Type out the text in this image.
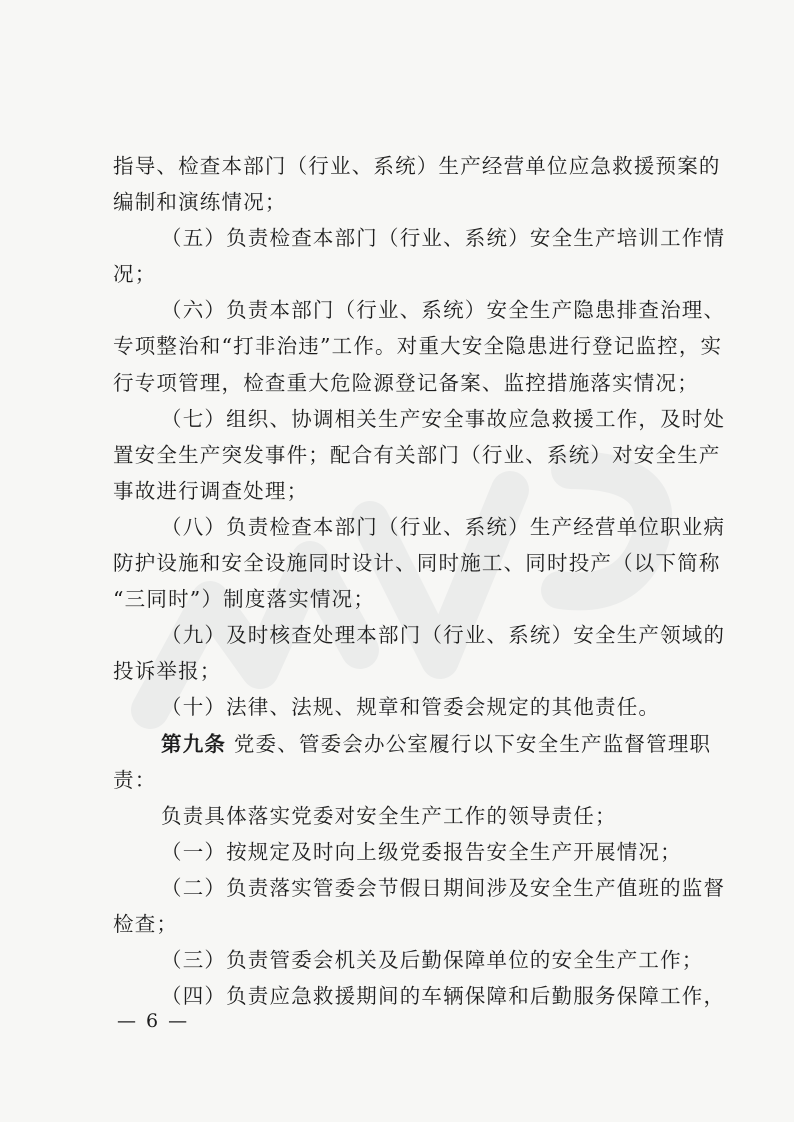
指导、检查本部门（行业、系统）生产经营单位应急救援预案的
编制和演练情况；
（五）负责检查本部门（行业、系统）安全生产培训工作情
况；
（六）负责本部门（行业、系统）安全生产隐患排查治理、
专项整治和“打非治违”工作。对重大安全隐患进行登记监控，实
行专项管理，检查重大危险源登记备案、监控措施落实情况；
（七）组织、协调相关生产安全事故应急救援工作，及时处
置安全生产突发事件；配合有关部门（行业、系统）对安全生产
事故进行调查处理；
（八）负责检查本部门（行业、系统）生产经营单位职业病
防护设施和安全设施同时设计、同时施工、同时投产（以下简称
“三同时”）制度落实情况；
（九）及时核查处理本部门（行业、系统）安全生产领域的
投诉举报；
（十）法律、法规、规章和管委会规定的其他责任。
第九条 党委、管委会办公室履行以下安全生产监督管理职
责：
负责具体落实党委对安全生产工作的领导责任；
（一）按规定及时向上级党委报告安全生产开展情况；
（二）负责落实管委会节假日期间涉及安全生产值班的监督
检查；
（三）负责管委会机关及后勤保障单位的安全生产工作；
（四）负责应急救援期间的车辆保障和后勤服务保障工作，
— 6 —
